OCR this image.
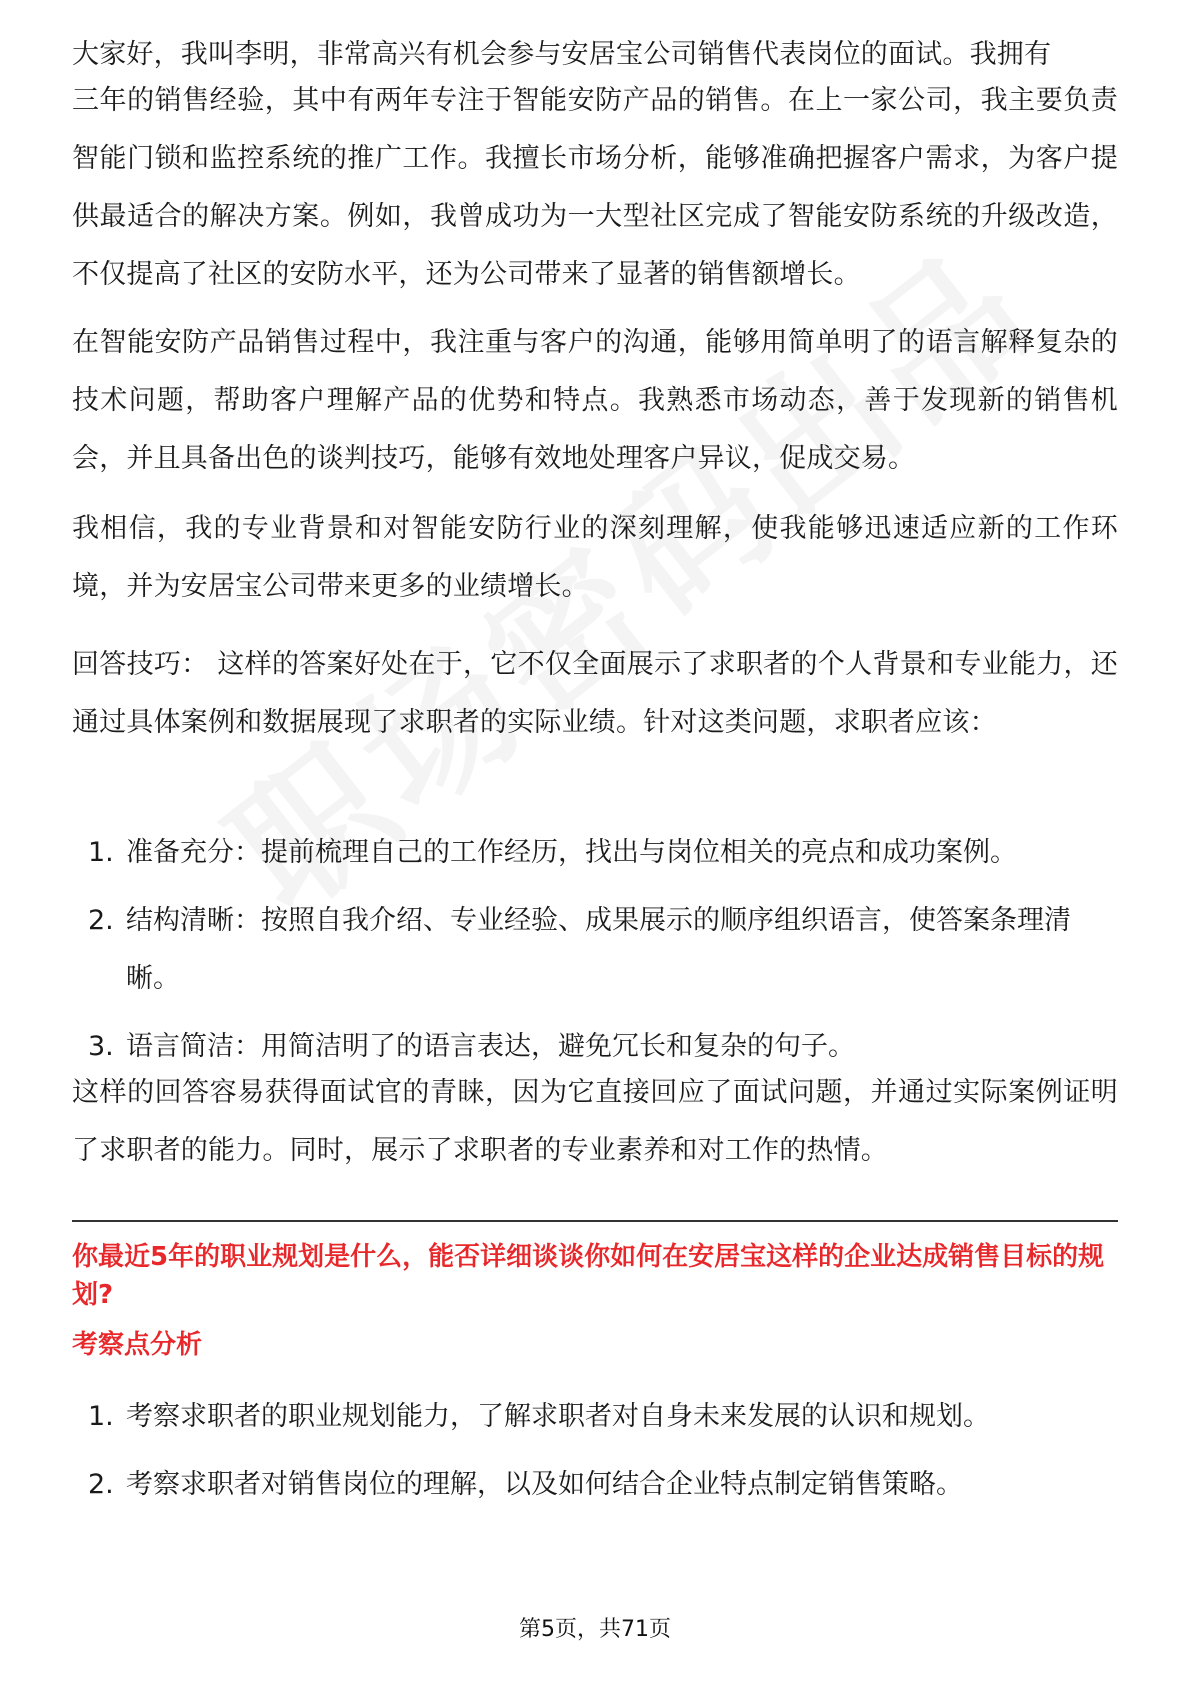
大家好，我叫李明，非常高兴有机会参与安居宝公司销售代表岗位的面试。我拥有

三年的销售经验，其中有两年专注于智能安防产品的销售。在上一家公司，我主要负责智能门锁和监控系统的推广工作。我擅长市场分析，能够准确把握客户需求，为客户提供最适合的解决方案。例如，我曾成功为一大型社区完成了智能安防系统的升级改造，不仅提高了社区的安防水平，还为公司带来了显著的销售额增长。

在智能安防产品销售过程中，我注重与客户的沟通，能够用简单明了的语言解释复杂的技术问题，帮助客户理解产品的优势和特点。我熟悉市场动态，善于发现新的销售机会，并且具备出色的谈判技巧，能够有效地处理客户异议，促成交易。

我相信，我的专业背景和对智能安防行业的深刻理解，使我能够迅速适应新的工作环境，并为安居宝公司带来更多的业绩增长。

回答技巧： 这样的答案好处在于，它不仅全面展示了求职者的个人背景和专业能力，还通过具体案例和数据展现了求职者的实际业绩。针对这类问题，求职者应该：

1. 准备充分：提前梳理自己的工作经历，找出与岗位相关的亮点和成功案例。
2. 结构清晰：按照自我介绍、专业经验、成果展示的顺序组织语言，使答案条理清晰。
3. 语言简洁：用简洁明了的语言表达，避免冗长和复杂的句子。

这样的回答容易获得面试官的青睐，因为它直接回应了面试问题，并通过实际案例证明了求职者的能力。同时，展示了求职者的专业素养和对工作的热情。

你最近5年的职业规划是什么，能否详细谈谈你如何在安居宝这样的企业达成销售目标的规划?

考察点分析

1. 考察求职者的职业规划能力，了解求职者对自身未来发展的认识和规划。
2. 考察求职者对销售岗位的理解，以及如何结合企业特点制定销售策略。
第5页，共71页
